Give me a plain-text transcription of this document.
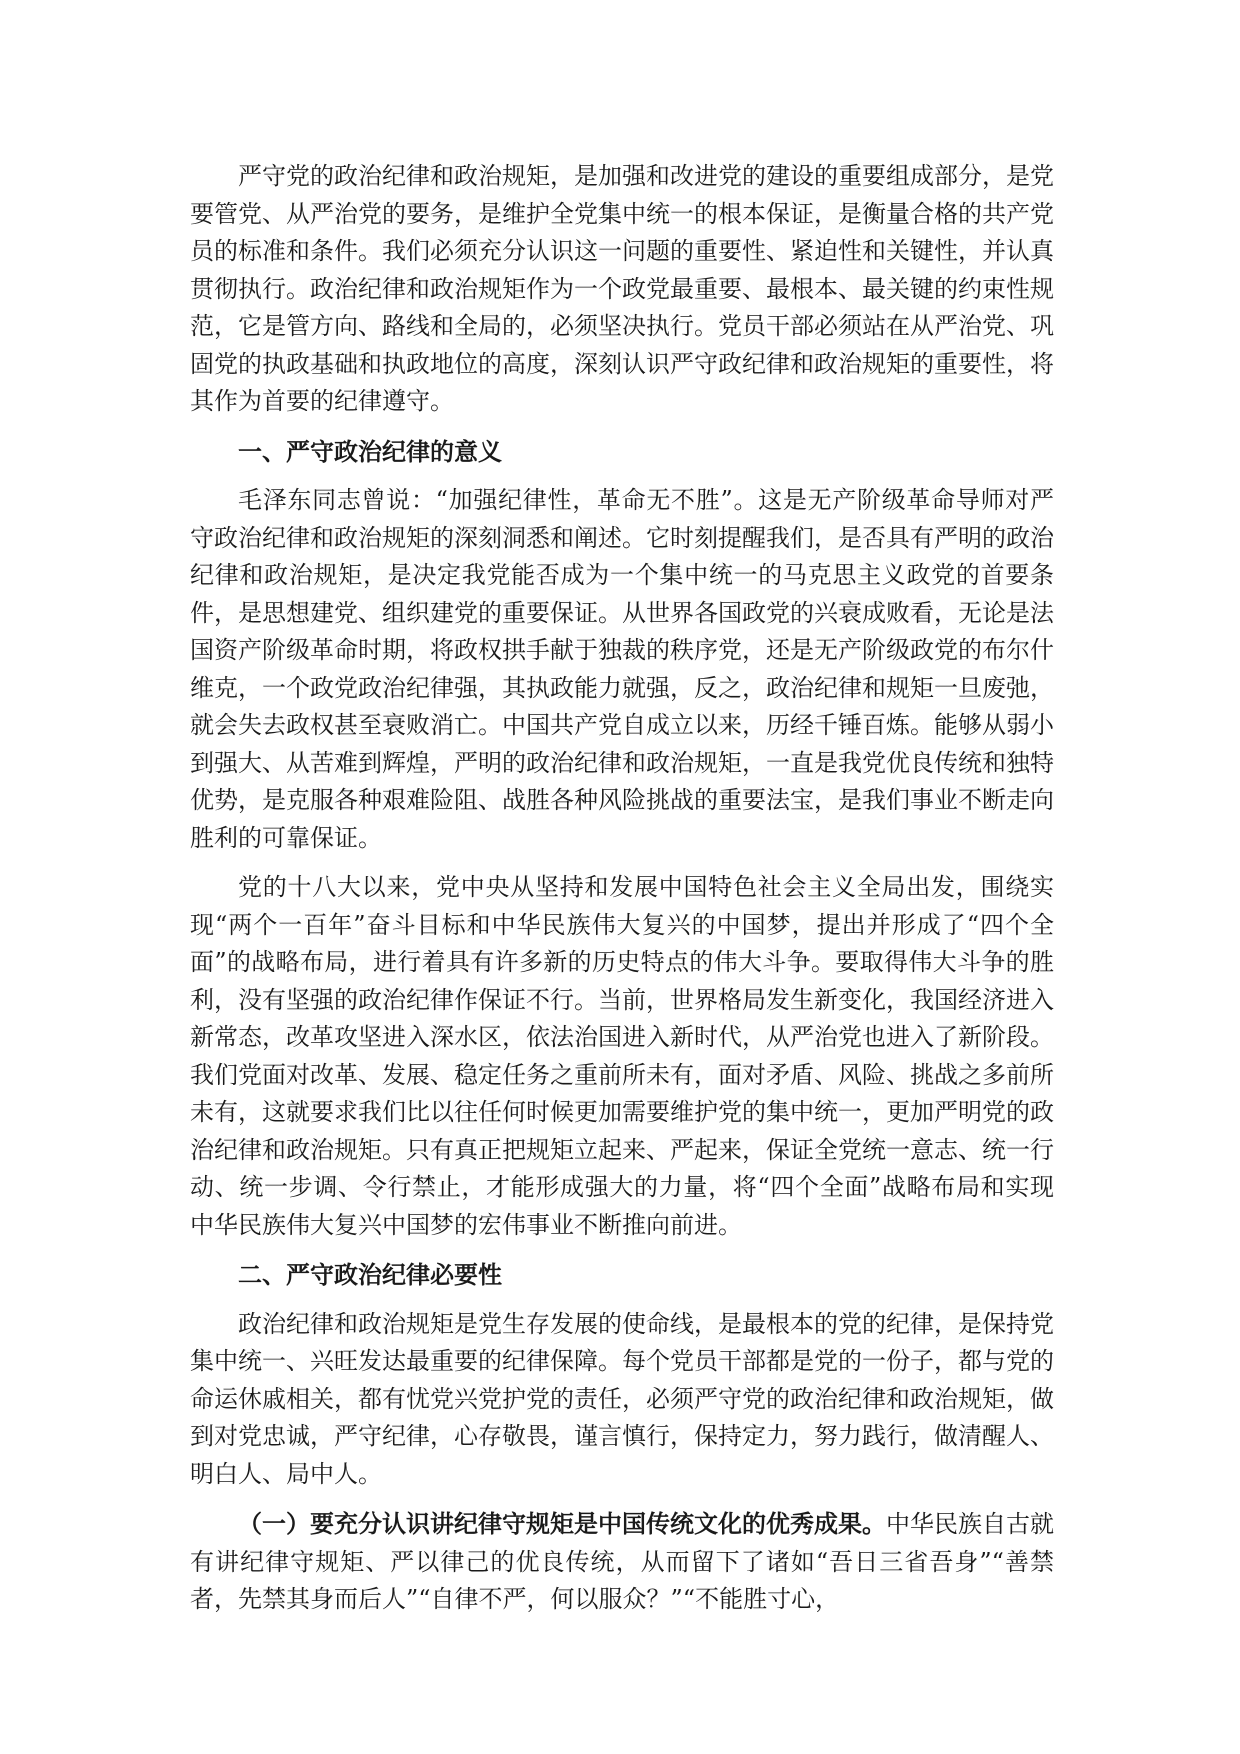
严守党的政治纪律和政治规矩，是加强和改进党的建设的重要组成部分，是党要管党、从严治党的要务，是维护全党集中统一的根本保证，是衡量合格的共产党员的标准和条件。我们必须充分认识这一问题的重要性、紧迫性和关键性，并认真贯彻执行。政治纪律和政治规矩作为一个政党最重要、最根本、最关键的约束性规范，它是管方向、路线和全局的，必须坚决执行。党员干部必须站在从严治党、巩固党的执政基础和执政地位的高度，深刻认识严守政纪律和政治规矩的重要性，将其作为首要的纪律遵守。

一、严守政治纪律的意义

毛泽东同志曾说：“加强纪律性，革命无不胜”。这是无产阶级革命导师对严守政治纪律和政治规矩的深刻洞悉和阐述。它时刻提醒我们，是否具有严明的政治纪律和政治规矩，是决定我党能否成为一个集中统一的马克思主义政党的首要条件，是思想建党、组织建党的重要保证。从世界各国政党的兴衰成败看，无论是法国资产阶级革命时期，将政权拱手献于独裁的秩序党，还是无产阶级政党的布尔什维克，一个政党政治纪律强，其执政能力就强，反之，政治纪律和规矩一旦废弛，就会失去政权甚至衰败消亡。中国共产党自成立以来，历经千锤百炼。能够从弱小到强大、从苦难到辉煌，严明的政治纪律和政治规矩，一直是我党优良传统和独特优势，是克服各种艰难险阻、战胜各种风险挑战的重要法宝，是我们事业不断走向胜利的可靠保证。

党的十八大以来，党中央从坚持和发展中国特色社会主义全局出发，围绕实现“两个一百年”奋斗目标和中华民族伟大复兴的中国梦，提出并形成了“四个全面”的战略布局，进行着具有许多新的历史特点的伟大斗争。要取得伟大斗争的胜利，没有坚强的政治纪律作保证不行。当前，世界格局发生新变化，我国经济进入新常态，改革攻坚进入深水区，依法治国进入新时代，从严治党也进入了新阶段。我们党面对改革、发展、稳定任务之重前所未有，面对矛盾、风险、挑战之多前所未有，这就要求我们比以往任何时候更加需要维护党的集中统一，更加严明党的政治纪律和政治规矩。只有真正把规矩立起来、严起来，保证全党统一意志、统一行动、统一步调、令行禁止，才能形成强大的力量，将“四个全面”战略布局和实现中华民族伟大复兴中国梦的宏伟事业不断推向前进。

二、严守政治纪律必要性

政治纪律和政治规矩是党生存发展的使命线，是最根本的党的纪律，是保持党集中统一、兴旺发达最重要的纪律保障。每个党员干部都是党的一份子，都与党的命运休戚相关，都有忧党兴党护党的责任，必须严守党的政治纪律和政治规矩，做到对党忠诚，严守纪律，心存敬畏，谨言慎行，保持定力，努力践行，做清醒人、明白人、局中人。

（一）要充分认识讲纪律守规矩是中国传统文化的优秀成果。中华民族自古就有讲纪律守规矩、严以律己的优良传统，从而留下了诸如“吾日三省吾身”“善禁者，先禁其身而后人”“自律不严，何以服众？”“不能胜寸心，
